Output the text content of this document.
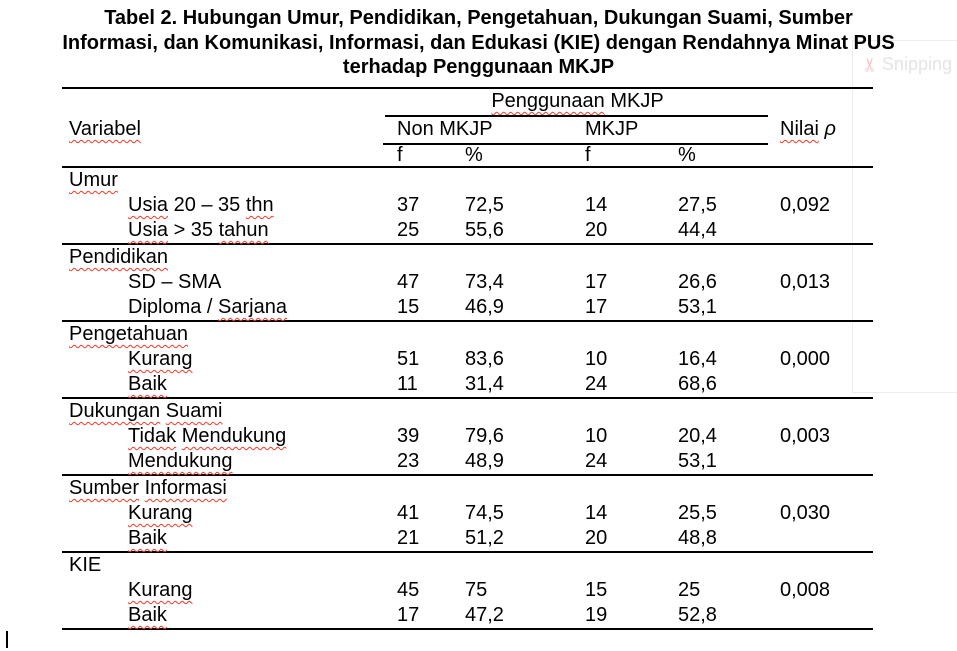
Tabel 2. Hubungan Umur, Pendidikan, Pengetahuan, Dukungan Suami, Sumber
Informasi, dan Komunikasi, Informasi, dan Edukasi (KIE) dengan Rendahnya Minat PUS
terhadap Penggunaan MKJP	✂ Snipping
Penggunaan MKJP
Variabel	Non MKJP	MKJP	Nilai ρ
f	%	f	%
Umur
Usia 20 – 35 thn	37	72,5	14	27,5	0,092
Usia > 35 tahun	25	55,6	20	44,4
Pendidikan
SD – SMA	47	73,4	17	26,6	0,013
Diploma / Sarjana	15	46,9	17	53,1
Pengetahuan
Kurang	51	83,6	10	16,4	0,000
Baik	11	31,4	24	68,6
Dukungan Suami
Tidak Mendukung	39	79,6	10	20,4	0,003
Mendukung	23	48,9	24	53,1
Sumber Informasi
Kurang	41	74,5	14	25,5	0,030
Baik	21	51,2	20	48,8
KIE
Kurang	45	75	15	25	0,008
Baik	17	47,2	19	52,8
